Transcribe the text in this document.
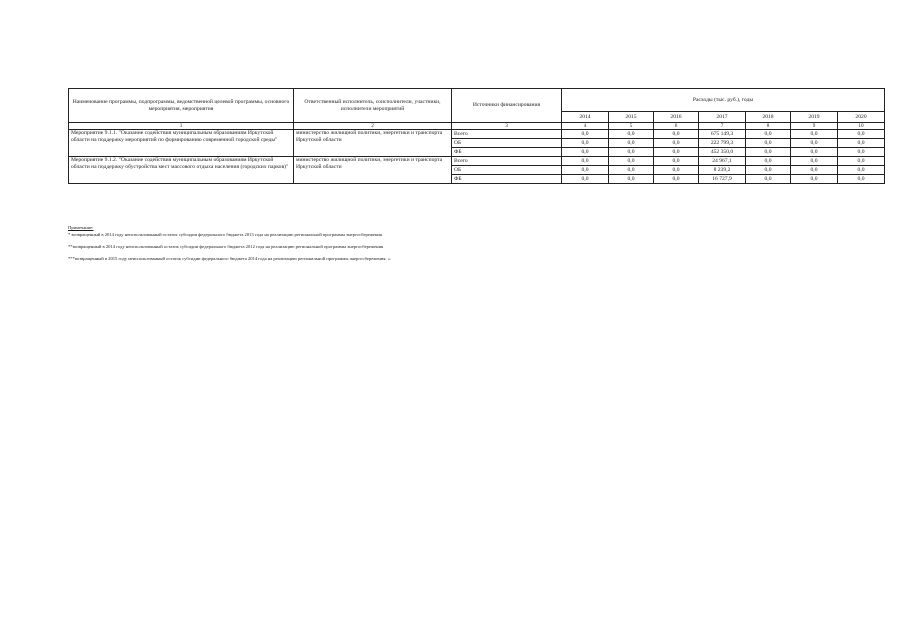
Наименование программы, подпрограммы, ведомственной целевой программы, основного мероприятия, мероприятия	Ответственный исполнитель, соисполнители, участники, исполнители мероприятий	Источники финансирования	Расходы (тыс. руб.), годы						
			2014	2015	2016	2017	2018	2019	2020
1	2	3	4	5	6	7	8	9	10
Мероприятие 9.1.1. "Оказание содействия муниципальным образованиям Иркутской области на поддержку мероприятий по формированию современной городской среды"	министерство жилищной политики, энергетики и транспорта Иркутской области	Всего	0,0	0,0	0,0	675 149,3	0,0	0,0	0,0
		ОБ	0,0	0,0	0,0	222 799,3	0,0	0,0	0,0
		ФБ	0,0	0,0	0,0	452 350,0	0,0	0,0	0,0
Мероприятие 9.1.2. "Оказание содействия муниципальным образованиям Иркутской области на поддержку обустройства мест массового отдыха населения (городских парков)"	министерство жилищной политики, энергетики и транспорта Иркутской области	Всего	0,0	0,0	0,0	24 967,1	0,0	0,0	0,0
		ОБ	0,0	0,0	0,0	8 239,2	0,0	0,0	0,0
		ФБ	0,0	0,0	0,0	16 727,9	0,0	0,0	0,0
Примечание:
* возвращенный в 2014 году неиспользованный остаток субсидии федерального бюджета 2013 года на реализацию региональной программы энергосбережения
**возвращенный в 2014 году неиспользованный остаток субсидии федерального бюджета 2012 года на реализацию региональной программы энергосбережения
***возвращенный в 2015 году неиспользованный остаток субсидии федерального бюджета 2014 года на реализацию региональной программы энергосбережения. ».
